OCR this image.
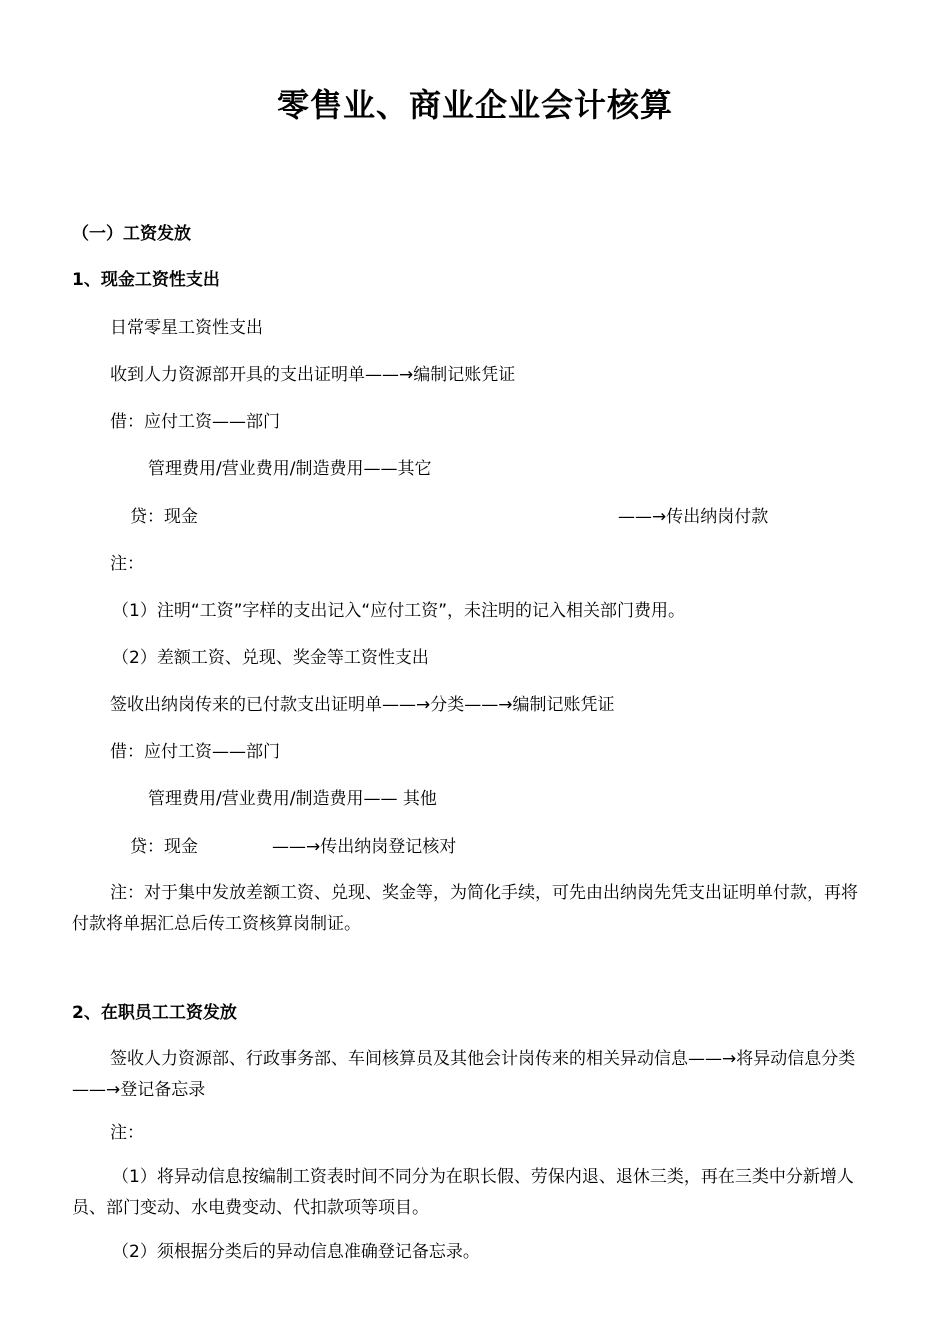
零售业、商业企业会计核算
（一）工资发放
1、现金工资性支出
日常零星工资性支出
收到人力资源部开具的支出证明单——→编制记账凭证
借：应付工资——部门
管理费用/营业费用/制造费用——其它
贷：现金	——→传出纳岗付款
注：
（1）注明“工资”字样的支出记入“应付工资”，未注明的记入相关部门费用。
（2）差额工资、兑现、奖金等工资性支出
签收出纳岗传来的已付款支出证明单——→分类——→编制记账凭证
借：应付工资——部门
管理费用/营业费用/制造费用—— 其他
贷：现金	——→传出纳岗登记核对
注：对于集中发放差额工资、兑现、奖金等，为简化手续，可先由出纳岗先凭支出证明单付款，再将付款将单据汇总后传工资核算岗制证。
2、在职员工工资发放
签收人力资源部、行政事务部、车间核算员及其他会计岗传来的相关异动信息——→将异动信息分类——→登记备忘录
注：
（1）将异动信息按编制工资表时间不同分为在职长假、劳保内退、退休三类，再在三类中分新增人员、部门变动、水电费变动、代扣款项等项目。
（2）须根据分类后的异动信息准确登记备忘录。
